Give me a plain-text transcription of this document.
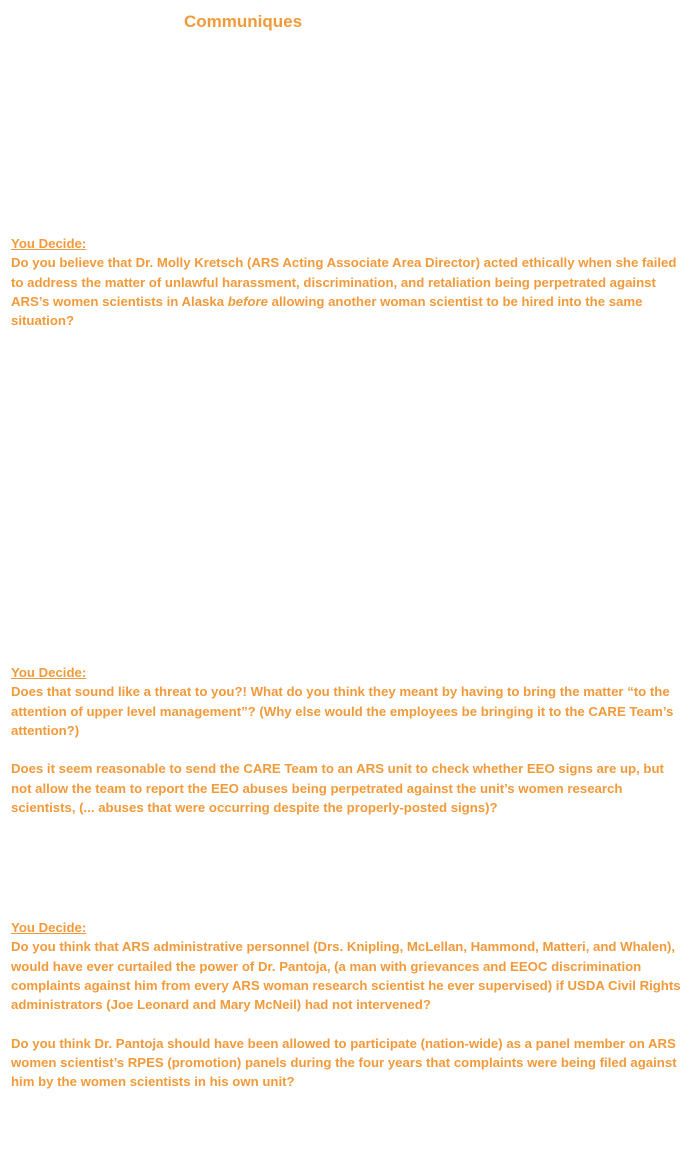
Communiques
You Decide:

Do you believe that Dr. Molly Kretsch (ARS Acting Associate Area Director) acted ethically when she failed to address the matter of unlawful harassment, discrimination, and retaliation being perpetrated against ARS’s women scientists in Alaska before allowing another woman scientist to be hired into the same situation?

You Decide:

Does that sound like a threat to you?! What do you think they meant by having to bring the matter “to the attention of upper level management”? (Why else would the employees be bringing it to the CARE Team’s attention?)

Does it seem reasonable to send the CARE Team to an ARS unit to check whether EEO signs are up, but not allow the team to report the EEO abuses being perpetrated against the unit’s women research scientists, (... abuses that were occurring despite the properly-posted signs)?

You Decide:

Do you think that ARS administrative personnel (Drs. Knipling, McLellan, Hammond, Matteri, and Whalen), would have ever curtailed the power of Dr. Pantoja, (a man with grievances and EEOC discrimination complaints against him from every ARS woman research scientist he ever supervised) if USDA Civil Rights administrators (Joe Leonard and Mary McNeil) had not intervened?

Do you think Dr. Pantoja should have been allowed to participate (nation-wide) as a panel member on ARS women scientist’s RPES (promotion) panels during the four years that complaints were being filed against him by the women scientists in his own unit?
